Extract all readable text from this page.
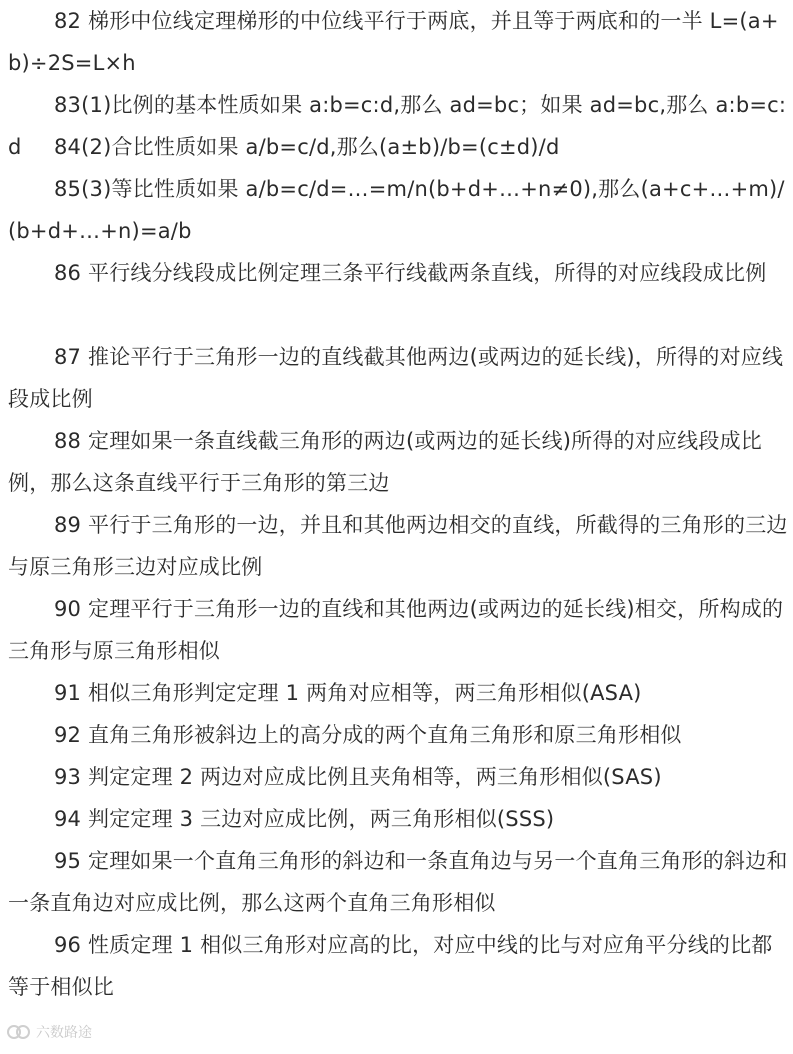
82 梯形中位线定理梯形的中位线平行于两底，并且等于两底和的一半 L=(a+b)÷2S=L×h
83(1)比例的基本性质如果 a:b=c:d,那么 ad=bc；如果 ad=bc,那么 a:b=c:d	84(2)合比性质如果 a/b=c/d,那么(a±b)/b=(c±d)/d
85(3)等比性质如果 a/b=c/d=…=m/n(b+d+…+n≠0),那么(a+c+…+m)/(b+d+…+n)=a/b
86 平行线分线段成比例定理三条平行线截两条直线，所得的对应线段成比例
87 推论平行于三角形一边的直线截其他两边(或两边的延长线)，所得的对应线段成比例
88 定理如果一条直线截三角形的两边(或两边的延长线)所得的对应线段成比例，那么这条直线平行于三角形的第三边
89 平行于三角形的一边，并且和其他两边相交的直线，所截得的三角形的三边与原三角形三边对应成比例
90 定理平行于三角形一边的直线和其他两边(或两边的延长线)相交，所构成的三角形与原三角形相似
91 相似三角形判定定理 1 两角对应相等，两三角形相似(ASA)
92 直角三角形被斜边上的高分成的两个直角三角形和原三角形相似
93 判定定理 2 两边对应成比例且夹角相等，两三角形相似(SAS)
94 判定定理 3 三边对应成比例，两三角形相似(SSS)
95 定理如果一个直角三角形的斜边和一条直角边与另一个直角三角形的斜边和一条直角边对应成比例，那么这两个直角三角形相似
96 性质定理 1 相似三角形对应高的比，对应中线的比与对应角平分线的比都等于相似比
六数路途
